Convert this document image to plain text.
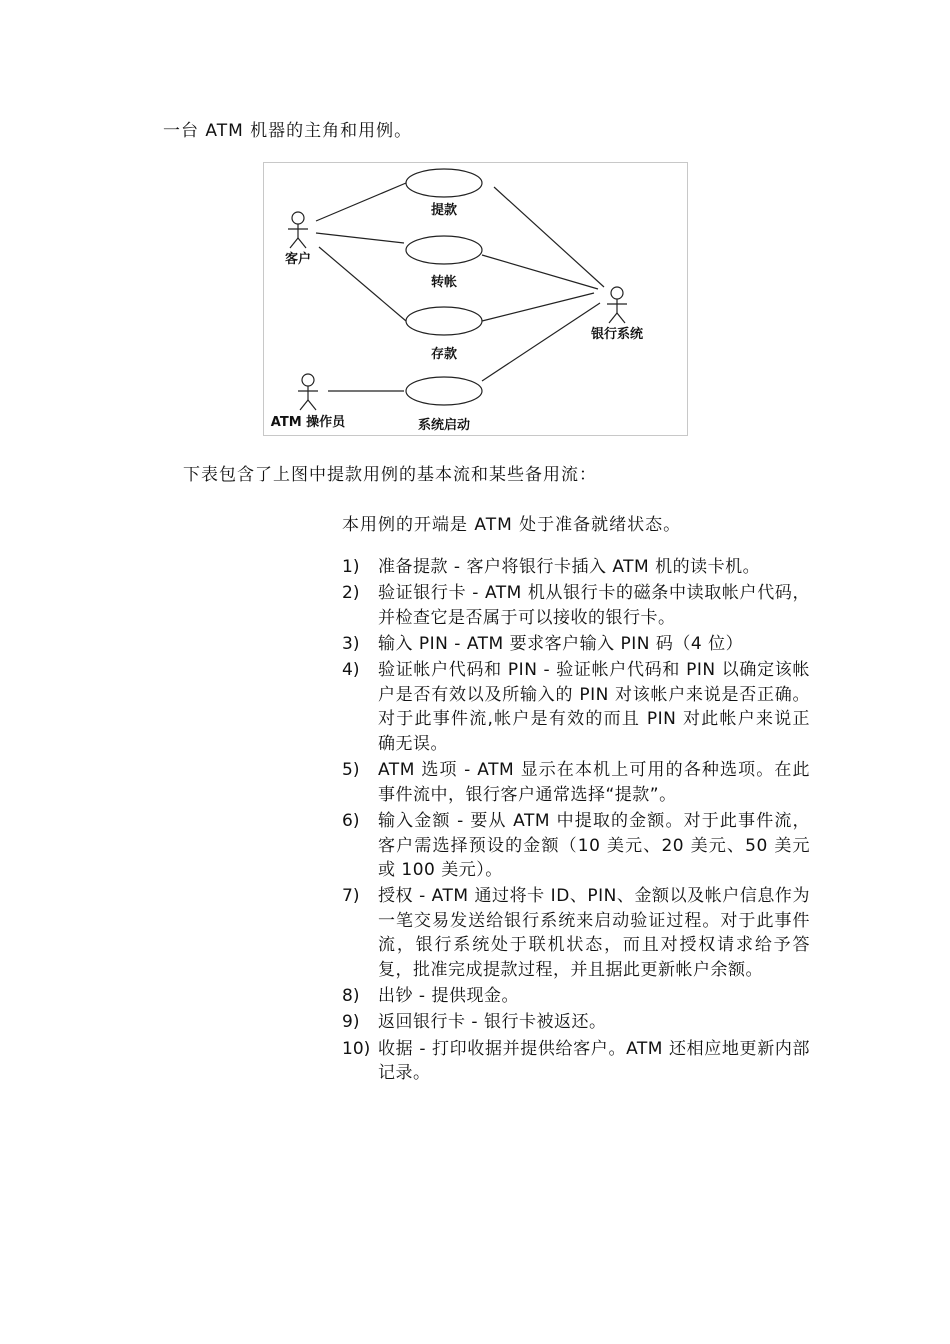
一台 ATM 机器的主角和用例。
提款
转帐
存款
系统启动
客户
银行系统
ATM 操作员
下表包含了上图中提款用例的基本流和某些备用流：
本用例的开端是 ATM 处于准备就绪状态。
1) 准备提款 - 客户将银行卡插入 ATM 机的读卡机。
2) 验证银行卡 - ATM 机从银行卡的磁条中读取帐户代码，并检查它是否属于可以接收的银行卡。
3) 输入 PIN - ATM 要求客户输入 PIN 码（4 位）
4) 验证帐户代码和 PIN - 验证帐户代码和 PIN 以确定该帐户是否有效以及所输入的 PIN 对该帐户来说是否正确。对于此事件流,帐户是有效的而且 PIN 对此帐户来说正确无误。
5) ATM 选项 - ATM 显示在本机上可用的各种选项。在此事件流中，银行客户通常选择“提款”。
6) 输入金额 - 要从 ATM 中提取的金额。对于此事件流，客户需选择预设的金额（10 美元、20 美元、50 美元或 100 美元）。
7) 授权 - ATM 通过将卡 ID、PIN、金额以及帐户信息作为一笔交易发送给银行系统来启动验证过程。对于此事件流，银行系统处于联机状态，而且对授权请求给予答复，批准完成提款过程，并且据此更新帐户余额。
8) 出钞 - 提供现金。
9) 返回银行卡 - 银行卡被返还。
10) 收据 - 打印收据并提供给客户。ATM 还相应地更新内部记录。
